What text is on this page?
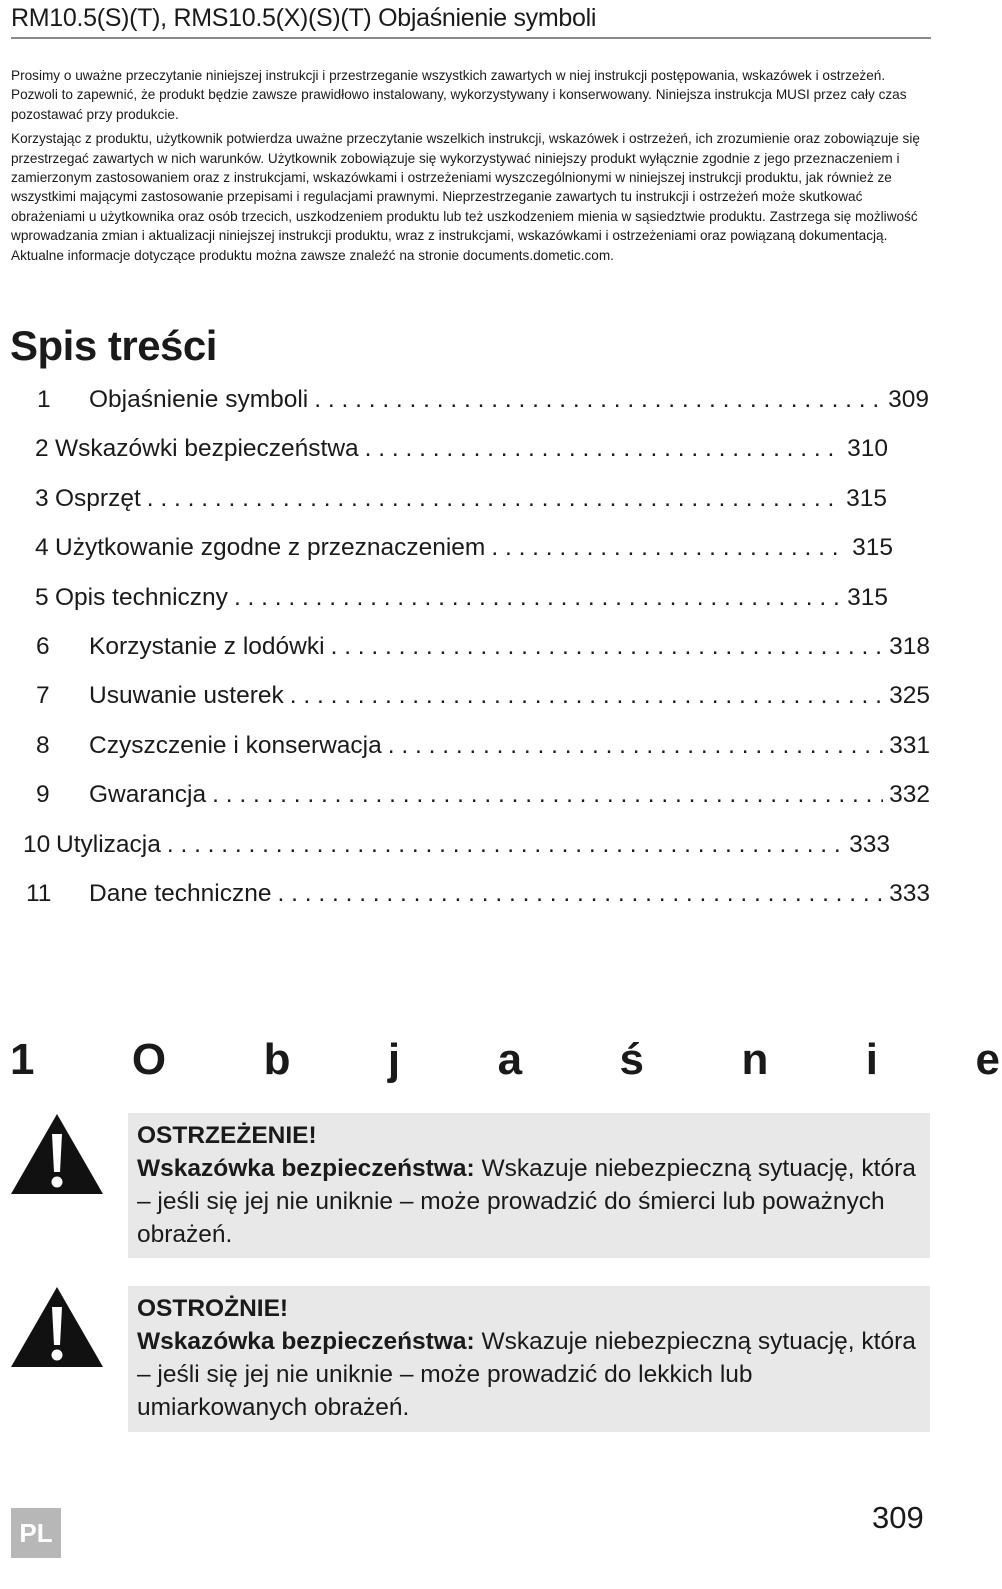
RM10.5(S)(T), RMS10.5(X)(S)(T) Objaśnienie symboli

Prosimy o uważne przeczytanie niniejszej instrukcji i przestrzeganie wszystkich zawartych w niej instrukcji postępowania, wskazówek i ostrzeżeń. Pozwoli to zapewnić, że produkt będzie zawsze prawidłowo instalowany, wykorzystywany i konserwowany. Niniejsza instrukcja MUSI przez cały czas pozostawać przy produkcie.

Korzystając z produktu, użytkownik potwierdza uważne przeczytanie wszelkich instrukcji, wskazówek i ostrzeżeń, ich zrozumienie oraz zobowiązuje się przestrzegać zawartych w nich warunków. Użytkownik zobowiązuje się wykorzystywać niniejszy produkt wyłącznie zgodnie z jego przeznaczeniem i zamierzonym zastosowaniem oraz z instrukcjami, wskazówkami i ostrzeżeniami wyszczególnionymi w niniejszej instrukcji produktu, jak również ze wszystkimi mającymi zastosowanie przepisami i regulacjami prawnymi. Nieprzestrzeganie zawartych tu instrukcji i ostrzeżeń może skutkować obrażeniami u użytkownika oraz osób trzecich, uszkodzeniem produktu lub też uszkodzeniem mienia w sąsiedztwie produktu. Zastrzega się możliwość wprowadzania zmian i aktualizacji niniejszej instrukcji produktu, wraz z instrukcjami, wskazówkami i ostrzeżeniami oraz powiązaną dokumentacją. Aktualne informacje dotyczące produktu można zawsze znaleźć na stronie documents.dometic.com.

Spis treści
1	Objaśnienie symboli . . .	309
2 Wskazówki bezpieczeństwa . . .	310
3 Osprzęt . . .	315
4 Użytkowanie zgodne z przeznaczeniem . . .	315
5 Opis techniczny . . .	315
6	Korzystanie z lodówki . . .	318
7	Usuwanie usterek . . .	325
8	Czyszczenie i konserwacja . . .	331
9	Gwarancja . . .	332
10 Utylizacja . . .	333
11	Dane techniczne . . .	333
1 O b j a ś n i e
OSTRZEŻENIE!
Wskazówka bezpieczeństwa: Wskazuje niebezpieczną sytuację, która – jeśli się jej nie uniknie – może prowadzić do śmierci lub poważnych obrażeń.
OSTROŻNIE!
Wskazówka bezpieczeństwa: Wskazuje niebezpieczną sytuację, która – jeśli się jej nie uniknie – może prowadzić do lekkich lub umiarkowanych obrażeń.
PL	309
